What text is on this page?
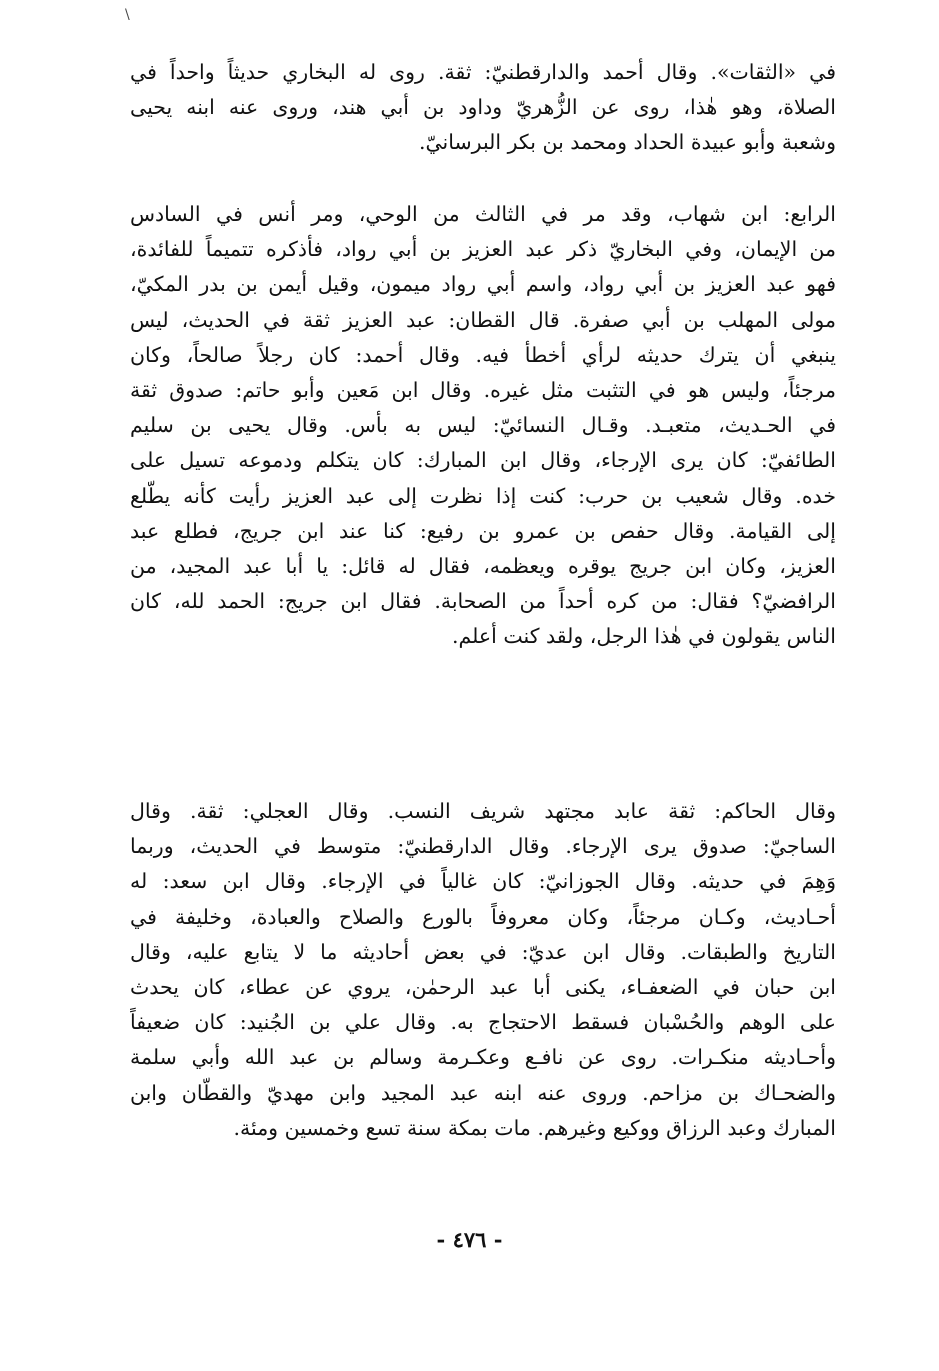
\
في «الثقات». وقال أحمد والدارقطنيّ: ثقة. روى له البخاري حديثاً واحداً في
الصلاة، وهو هٰذا، روى عن الزُّهريّ وداود بن أبي هند، وروى عنه ابنه يحيى
وشعبة وأبو عبيدة الحداد ومحمد بن بكر البرسانيّ.
الرابع: ابن شهاب، وقد مر في الثالث من الوحي، ومر أنس في السادس
من الإيمان، وفي البخاريّ ذكر عبد العزيز بن أبي رواد، فأذكره تتميماً للفائدة،
فهو عبد العزيز بن أبي رواد، واسم أبي رواد ميمون، وقيل أيمن بن بدر المكيّ،
مولى المهلب بن أبي صفرة. قال القطان: عبد العزيز ثقة في الحديث، ليس
ينبغي أن يترك حديثه لرأي أخطأ فيه. وقال أحمد: كان رجلاً صالحاً، وكان
مرجئاً، وليس هو في التثبت مثل غيره. وقال ابن مَعين وأبو حاتم: صدوق ثقة
في الحـديث، متعبـد. وقـال النسائيّ: ليس به بأس. وقال يحيى بن سليم
الطائفيّ: كان يرى الإرجاء، وقال ابن المبارك: كان يتكلم ودموعه تسيل على
خده. وقال شعيب بن حرب: كنت إذا نظرت إلى عبد العزيز رأيت كأنه يطّلع
إلى القيامة. وقال حفص بن عمرو بن رفيع: كنا عند ابن جريج، فطلع عبد
العزيز، وكان ابن جريج يوقره ويعظمه، فقال له قائل: يا أبا عبد المجيد، من
الرافضيّ؟ فقال: من كره أحداً من الصحابة. فقال ابن جريج: الحمد لله، كان
الناس يقولون في هٰذا الرجل، ولقد كنت أعلم.
وقال الحاكم: ثقة عابد مجتهد شريف النسب. وقال العجلي: ثقة. وقال
الساجيّ: صدوق يرى الإرجاء. وقال الدارقطنيّ: متوسط في الحديث، وربما
وَهِمَ في حديثه. وقال الجوزانيّ: كان غالياً في الإرجاء. وقال ابن سعد: له
أحـاديث، وكـان مرجئاً، وكان معروفاً بالورع والصلاح والعبادة، وخليفة في
التاريخ والطبقات. وقال ابن عديّ: في بعض أحاديثه ما لا يتابع عليه، وقال
ابن حبان في الضعفـاء، يكنى أبا عبد الرحمٰن، يروي عن عطاء، كان يحدث
على الوهم والحُسْبان فسقط الاحتجاج به. وقال علي بن الجُنيد: كان ضعيفاً
وأحـاديثه منكـرات. روى عن نافـع وعكـرمة وسالم بن عبد الله وأبي سلمة
والضحـاك بن مزاحم. وروى عنه ابنه عبد المجيد وابن مهديّ والقطّان وابن
المبارك وعبد الرزاق ووكيع وغيرهم. مات بمكة سنة تسع وخمسين ومئة.
- ٤٧٦ -
